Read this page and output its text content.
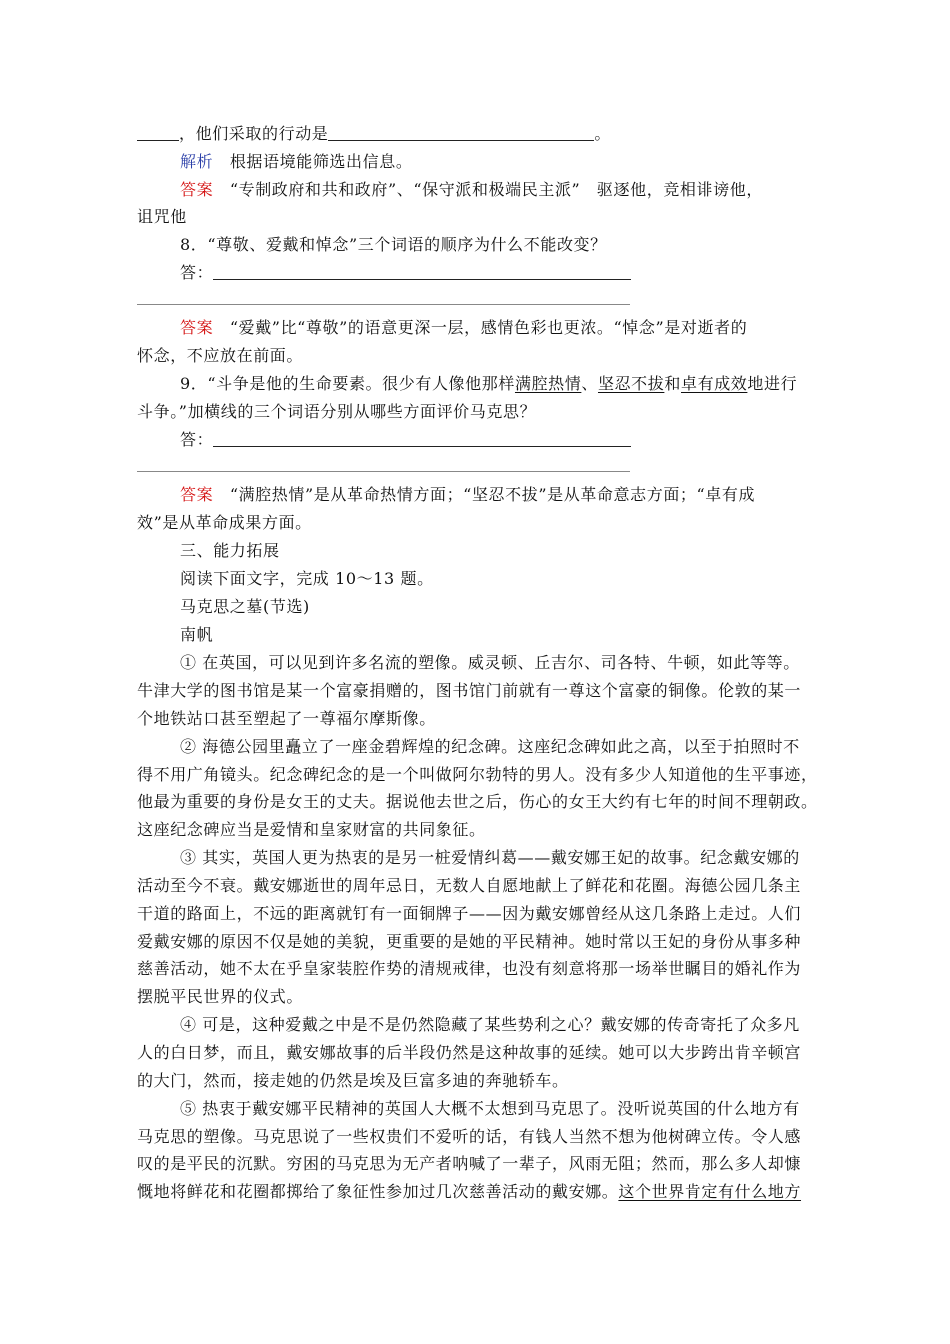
，他们采取的行动是	。
解析　 根据语境能筛选出信息。
答案　 “专制政府和共和政府”、“保守派和极端民主派”　驱逐他，竞相诽谤他，
诅咒他
8．“尊敬、爱戴和悼念”三个词语的顺序为什么不能改变？
答：
答案　 “爱戴”比“尊敬”的语意更深一层，感情色彩也更浓。“悼念”是对逝者的
怀念，不应放在前面。
9．“斗争是他的生命要素。很少有人像他那样满腔热情、坚忍不拔和卓有成效地进行
斗争。”加横线的三个词语分别从哪些方面评价马克思？
答：
答案　 “满腔热情”是从革命热情方面；“坚忍不拔”是从革命意志方面；“卓有成
效”是从革命成果方面。
三、能力拓展
阅读下面文字，完成 10～13 题。
马克思之墓(节选)
南帆
① 在英国，可以见到许多名流的塑像。威灵顿、丘吉尔、司各特、牛顿，如此等等。
牛津大学的图书馆是某一个富豪捐赠的，图书馆门前就有一尊这个富豪的铜像。伦敦的某一
个地铁站口甚至塑起了一尊福尔摩斯像。
② 海德公园里矗立了一座金碧辉煌的纪念碑。这座纪念碑如此之高，以至于拍照时不
得不用广角镜头。纪念碑纪念的是一个叫做阿尔勃特的男人。没有多少人知道他的生平事迹，
他最为重要的身份是女王的丈夫。据说他去世之后，伤心的女王大约有七年的时间不理朝政。
这座纪念碑应当是爱情和皇家财富的共同象征。
③ 其实，英国人更为热衷的是另一桩爱情纠葛——戴安娜王妃的故事。纪念戴安娜的
活动至今不衰。戴安娜逝世的周年忌日，无数人自愿地献上了鲜花和花圈。海德公园几条主
干道的路面上，不远的距离就钉有一面铜牌子——因为戴安娜曾经从这几条路上走过。人们
爱戴安娜的原因不仅是她的美貌，更重要的是她的平民精神。她时常以王妃的身份从事多种
慈善活动，她不太在乎皇家装腔作势的清规戒律，也没有刻意将那一场举世瞩目的婚礼作为
摆脱平民世界的仪式。
④ 可是，这种爱戴之中是不是仍然隐藏了某些势利之心？戴安娜的传奇寄托了众多凡
人的白日梦，而且，戴安娜故事的后半段仍然是这种故事的延续。她可以大步跨出肯辛顿宫
的大门，然而，接走她的仍然是埃及巨富多迪的奔驰轿车。
⑤ 热衷于戴安娜平民精神的英国人大概不太想到马克思了。没听说英国的什么地方有
马克思的塑像。马克思说了一些权贵们不爱听的话，有钱人当然不想为他树碑立传。令人感
叹的是平民的沉默。穷困的马克思为无产者呐喊了一辈子，风雨无阻；然而，那么多人却慷
慨地将鲜花和花圈都掷给了象征性参加过几次慈善活动的戴安娜。这个世界肯定有什么地方
